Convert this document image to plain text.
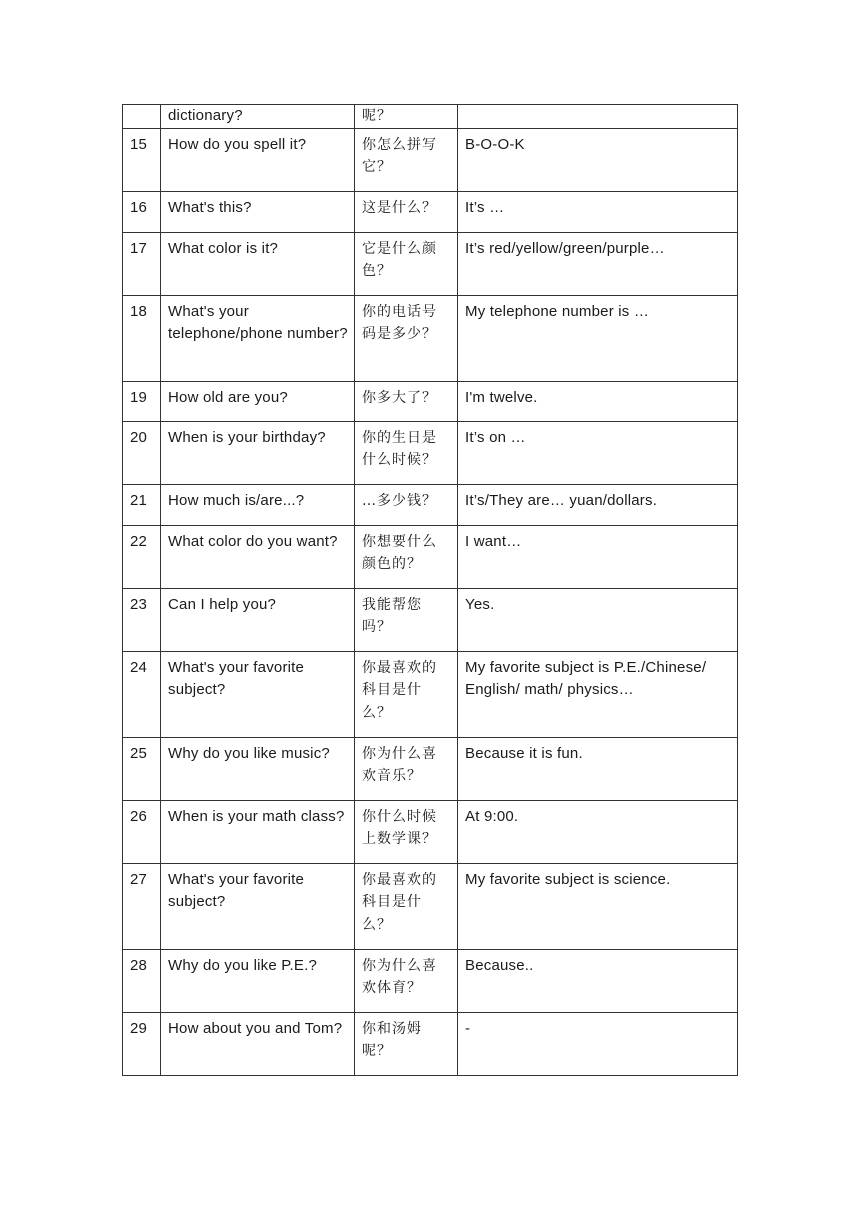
	dictionary?	呢？	
15	How do you spell it?	你怎么拼写它？	B-O-O-K
16	What's this?	这是什么？	It’s …
17	What color is it?	它是什么颜色？	It’s red/yellow/green/purple…
18	What's your telephone/phone number?	你的电话号码是多少？	My telephone number is …
19	How old are you?	你多大了？	I'm twelve.
20	When is your birthday?	你的生日是什么时候？	It’s on …
21	How much is/are...?	…多少钱？	It’s/They are… yuan/dollars.
22	What color do you want?	你想要什么颜色的？	I want…
23	Can I help you?	我能帮您吗？	Yes.
24	What's your favorite subject?	你最喜欢的科目是什么？	My favorite subject is P.E./Chinese/ English/ math/ physics…
25	Why do you like music?	你为什么喜欢音乐？	Because it is fun.
26	When is your math class?	你什么时候上数学课？	At 9:00.
27	What's your favorite subject?	你最喜欢的科目是什么？	My favorite subject is science.
28	Why do you like P.E.?	你为什么喜欢体育？	Because..
29	How about you and Tom?	你和汤姆呢？	-
